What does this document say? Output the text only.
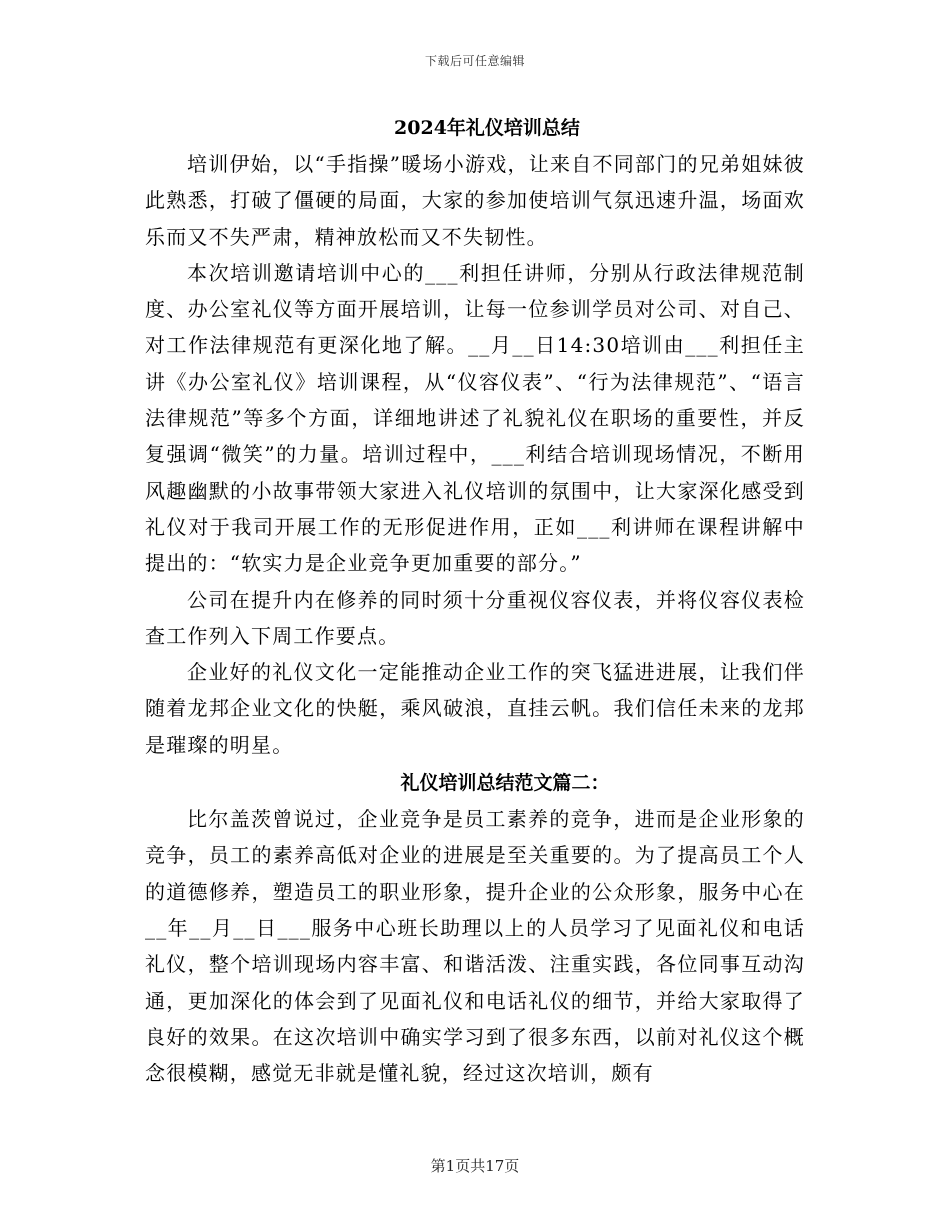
下载后可任意编辑
2024年礼仪培训总结

培训伊始，以“手指操”暖场小游戏，让来自不同部门的兄弟姐妹彼此熟悉，打破了僵硬的局面，大家的参加使培训气氛迅速升温，场面欢乐而又不失严肃，精神放松而又不失韧性。

本次培训邀请培训中心的___利担任讲师，分别从行政法律规范制度、办公室礼仪等方面开展培训，让每一位参训学员对公司、对自己、对工作法律规范有更深化地了解。__月__日14:30培训由___利担任主讲《办公室礼仪》培训课程，从“仪容仪表”、“行为法律规范”、“语言法律规范”等多个方面，详细地讲述了礼貌礼仪在职场的重要性，并反复强调“微笑”的力量。培训过程中，___利结合培训现场情况，不断用风趣幽默的小故事带领大家进入礼仪培训的氛围中，让大家深化感受到礼仪对于我司开展工作的无形促进作用，正如___利讲师在课程讲解中提出的：“软实力是企业竞争更加重要的部分。”

公司在提升内在修养的同时须十分重视仪容仪表，并将仪容仪表检查工作列入下周工作要点。

企业好的礼仪文化一定能推动企业工作的突飞猛进进展，让我们伴随着龙邦企业文化的快艇，乘风破浪，直挂云帆。我们信任未来的龙邦是璀璨的明星。

礼仪培训总结范文篇二：

比尔盖茨曾说过，企业竞争是员工素养的竞争，进而是企业形象的竞争，员工的素养高低对企业的进展是至关重要的。为了提高员工个人的道德修养，塑造员工的职业形象，提升企业的公众形象，服务中心在__年__月__日___服务中心班长助理以上的人员学习了见面礼仪和电话礼仪，整个培训现场内容丰富、和谐活泼、注重实践，各位同事互动沟通，更加深化的体会到了见面礼仪和电话礼仪的细节，并给大家取得了良好的效果。在这次培训中确实学习到了很多东西，以前对礼仪这个概念很模糊，感觉无非就是懂礼貌，经过这次培训，颇有

第1页共17页
